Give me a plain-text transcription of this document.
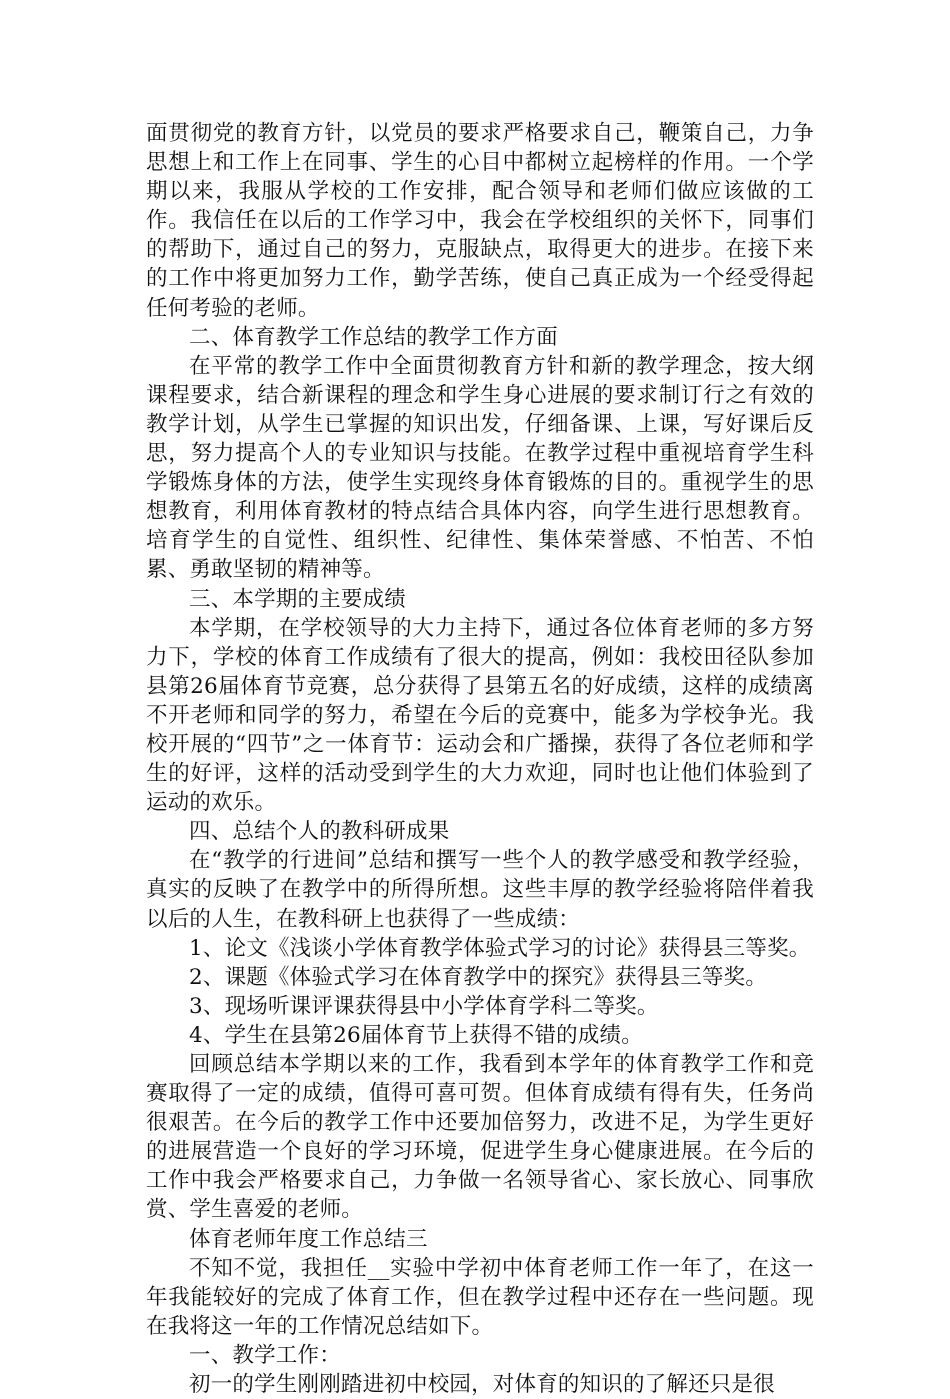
面贯彻党的教育方针，以党员的要求严格要求自己，鞭策自己，力争思想上和工作上在同事、学生的心目中都树立起榜样的作用。一个学期以来，我服从学校的工作安排，配合领导和老师们做应该做的工作。我信任在以后的工作学习中，我会在学校组织的关怀下，同事们的帮助下，通过自己的努力，克服缺点，取得更大的进步。在接下来的工作中将更加努力工作，勤学苦练，使自己真正成为一个经受得起任何考验的老师。

二、体育教学工作总结的教学工作方面

在平常的教学工作中全面贯彻教育方针和新的教学理念，按大纲课程要求，结合新课程的理念和学生身心进展的要求制订行之有效的教学计划，从学生已掌握的知识出发，仔细备课、上课，写好课后反思，努力提高个人的专业知识与技能。在教学过程中重视培育学生科学锻炼身体的方法，使学生实现终身体育锻炼的目的。重视学生的思想教育，利用体育教材的特点结合具体内容，向学生进行思想教育。培育学生的自觉性、组织性、纪律性、集体荣誉感、不怕苦、不怕累、勇敢坚韧的精神等。

三、本学期的主要成绩

本学期，在学校领导的大力主持下，通过各位体育老师的多方努力下，学校的体育工作成绩有了很大的提高，例如：我校田径队参加县第26届体育节竞赛，总分获得了县第五名的好成绩，这样的成绩离不开老师和同学的努力，希望在今后的竞赛中，能多为学校争光。我校开展的“四节”之一体育节：运动会和广播操，获得了各位老师和学生的好评，这样的活动受到学生的大力欢迎，同时也让他们体验到了运动的欢乐。

四、总结个人的教科研成果

在“教学的行进间”总结和撰写一些个人的教学感受和教学经验，真实的反映了在教学中的所得所想。这些丰厚的教学经验将陪伴着我以后的人生，在教科研上也获得了一些成绩：

1、论文《浅谈小学体育教学体验式学习的讨论》获得县三等奖。

2、课题《体验式学习在体育教学中的探究》获得县三等奖。

3、现场听课评课获得县中小学体育学科二等奖。

4、学生在县第26届体育节上获得不错的成绩。

回顾总结本学期以来的工作，我看到本学年的体育教学工作和竞赛取得了一定的成绩，值得可喜可贺。但体育成绩有得有失，任务尚很艰苦。在今后的教学工作中还要加倍努力，改进不足，为学生更好的进展营造一个良好的学习环境，促进学生身心健康进展。在今后的工作中我会严格要求自己，力争做一名领导省心、家长放心、同事欣赏、学生喜爱的老师。

体育老师年度工作总结三

不知不觉，我担任__实验中学初中体育老师工作一年了，在这一年我能较好的完成了体育工作，但在教学过程中还存在一些问题。现在我将这一年的工作情况总结如下。

一、教学工作：

初一的学生刚刚踏进初中校园，对体育的知识的了解还只是很
